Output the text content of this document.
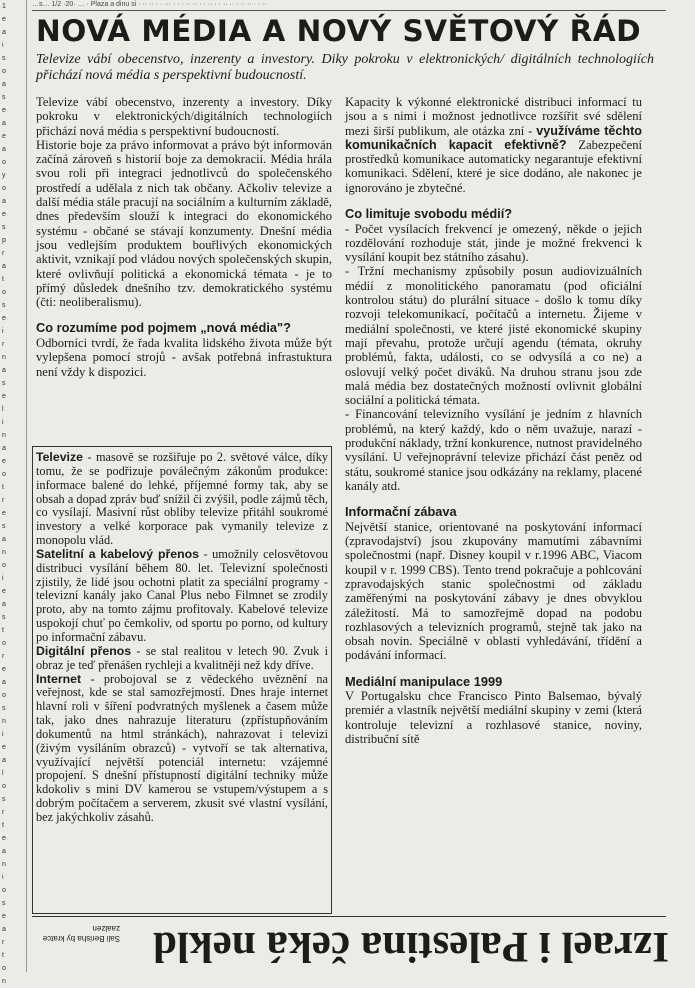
…s… 1/2 ·20· … · Plaza a dinu si · ·· ·· · · ··· · · · ·· ·· · · ·· · · ·· ·· · ·· ·· · · ··
1
e
a
i
s
o
a
s
e
a
e
a
o
y
o
a
e
s
p
r
a
t
o
s
e
i
r
n
a
s
e
l
i
n
a
e
o
t
r
e
s
a
n
o
i
e
a
s
t
o
r
e
a
o
s
n
i
e
a
l
o
s
r
t
e
a
n
i
o
s
e
a
r
t
o
n
NOVÁ MÉDIA A NOVÝ SVĚTOVÝ ŘÁD

Televize vábí obecenstvo, inzerenty a investory. Diky pokroku v elektronických/ digitálních technologiích přichází nová média s perspektivní budoucností.

Televize vábí obecenstvo, inzerenty a investory. Díky pokroku v elektronických/digitálních technologiích přichází nová média s perspektivní budoucností.

Historie boje za právo informovat a právo být informován začíná zároveň s historií boje za demokracii. Média hrála svou roli při integraci jednotlivců do společenského prostředí a udělala z nich tak občany. Ačkoliv televize a další média stále pracují na sociálním a kulturním základě, dnes především slouží k integraci do ekonomického systému - občané se stávají konzumenty. Dnešní média jsou vedlejším produktem bouřlivých ekonomických aktivit, vznikají pod vládou nových společenských skupin, které ovlivňují politická a ekonomická témata - je to přímý důsledek dnešního tzv. demokratického systému (čti: neoliberalismu).

Co rozumíme pod pojmem „nová média"?

Odborníci tvrdí, že řada kvalita lidského života může být vylepšena pomocí strojů - avšak potřebná infrastuktura není vždy k dispozici.

Televize - masově se rozšiřuje po 2. světové válce, díky tomu, že se podřizuje poválečným zákonům produkce: informace balené do lehké, příjemné formy tak, aby se obsah a dopad zpráv buď snížil či zvýšil, podle zájmů těch, co vysílají. Masivní růst obliby televize přitáhl soukromé investory a velké korporace pak vymanily televize z monopolu vlád.

Satelitní a kabelový přenos - umožnily celosvětovou distribuci vysílání během 80. let. Televizní společnosti zjistily, že lidé jsou ochotni platit za speciální programy - televizní kanály jako Canal Plus nebo Filmnet se zrodily proto, aby na tomto zájmu profitovaly. Kabelové televize uspokojí chuť po čemkoliv, od sportu po porno, od kultury po informační zábavu.

Digitální přenos - se stal realitou v letech 90. Zvuk i obraz je teď přenášen rychleji a kvalitněji než kdy dříve.

Internet - probojoval se z vědeckého uvěznění na veřejnost, kde se stal samozřejmostí. Dnes hraje internet hlavní roli v šíření podvratných myšlenek a časem může tak, jako dnes nahrazuje literaturu (zpřístupňováním dokumentů na html stránkách), nahrazovat i televizi (živým vysíláním obrazců) - vytvoří se tak alternativa, využívající největší potenciál internetu: vzájemné propojení. S dnešní přístupností digitální techniky může kdokoliv s mini DV kamerou se vstupem/výstupem a s dobrým počítačem a serverem, zkusit své vlastní vysílání, bez jakýchkoliv zásahů.

Kapacity k výkonné elektronické distribuci informací tu jsou a s nimi i možnost jednotlivce rozšířit své sdělení mezi širší publikum, ale otázka zní - využíváme těchto komunikačních kapacit efektivně? Zabezpečení prostředků komunikace automaticky negarantuje efektivní komunikaci. Sdělení, které je sice dodáno, ale nakonec je ignorováno je zbytečné.

Co limituje svobodu médií?

- Počet vysílacích frekvencí je omezený, někde o jejich rozdělování rozhoduje stát, jinde je možné frekvenci k vysílání koupit bez státního zásahu).

- Tržní mechanismy způsobily posun audiovizuálních médií z monolitického panoramatu (pod oficiální kontrolou státu) do plurální situace - došlo k tomu díky rozvoji telekomunikací, počítačů a internetu. Žijeme v mediální společnosti, ve které jisté ekonomické skupiny mají převahu, protože určují agendu (témata, okruhy problémů, fakta, události, co se odvysílá a co ne) a oslovují velký počet diváků. Na druhou stranu jsou zde malá média bez dostatečných možností ovlivnit globální sociální a politická témata.

- Financování televizního vysílání je jedním z hlavních problémů, na který každý, kdo o něm uvažuje, narazí - produkční náklady, tržní konkurence, nutnost pravidelného vysílání. U veřejnoprávní televize přichází část peněz od státu, soukromé stanice jsou odkázány na reklamy, placené kanály atd.

Informační zábava

Největší stanice, orientované na poskytování informací (zpravodajství) jsou zkupovány mamutími zábavními společnostmi (např. Disney koupil v r.1996 ABC, Viacom koupil v r. 1999 CBS). Tento trend pokračuje a pohlcování zpravodajských stanic společnostmi od základu zaměřenými na poskytování zábavy je dnes obvyklou záležitostí. Má to samozřejmě dopad na podobu rozhlasových a televizních programů, stejně tak jako na obsah novin. Speciálně v oblasti vyhledávání, třídění a podávání informací.

Mediální manipulace 1999

V Portugalsku chce Francisco Pinto Balsemao, bývalý premiér a vlastník největší mediální skupiny v zemi (která kontroluje televizní a rozhlasové stanice, noviny, distribuční sítě

Sali Berisha by kratce zaalzen Izrael i Palestina čeká nekld
